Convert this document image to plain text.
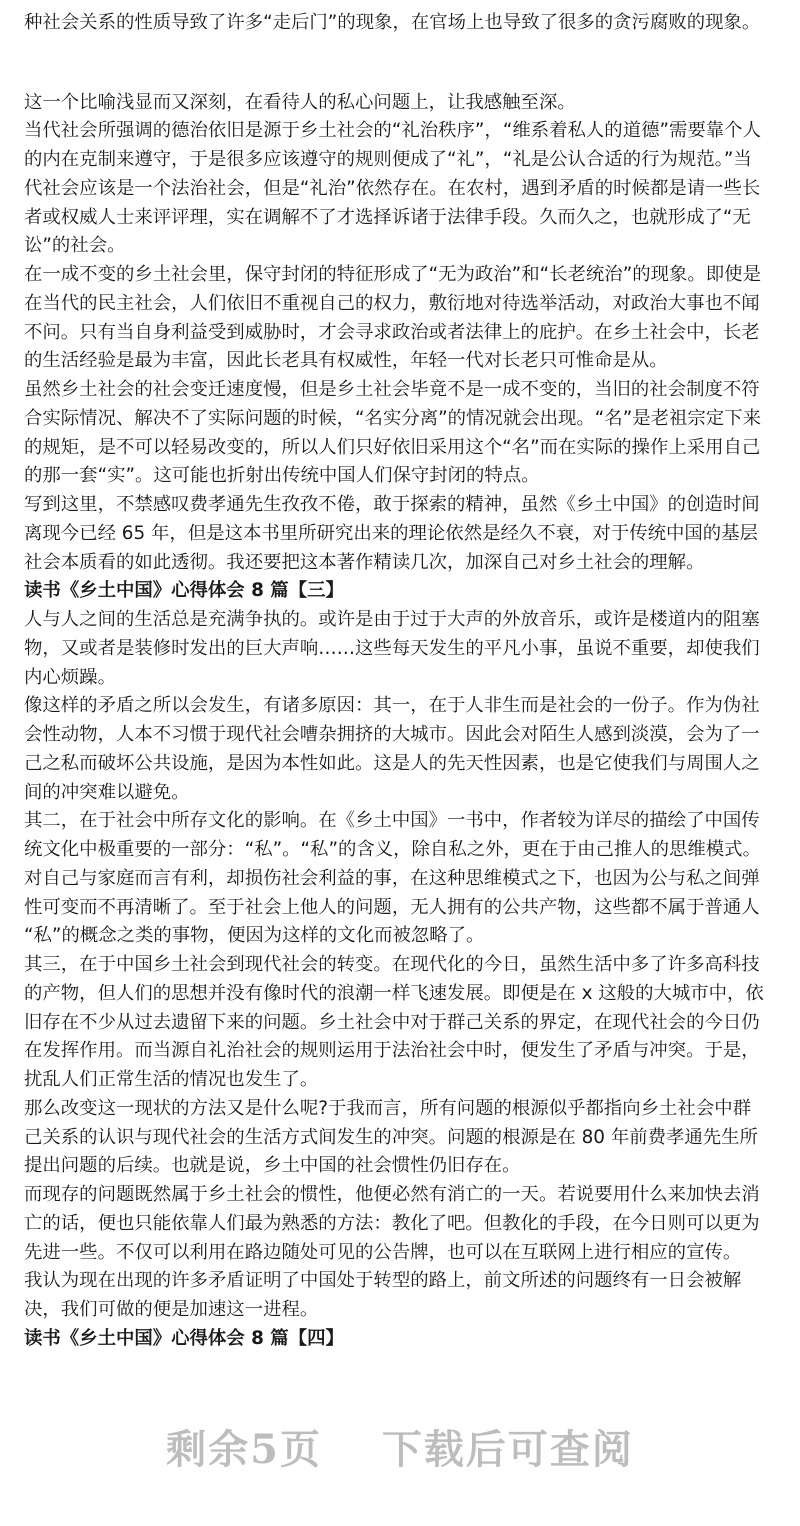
种社会关系的性质导致了许多“走后门”的现象，在官场上也导致了很多的贪污腐败的现象。
这一个比喻浅显而又深刻，在看待人的私心问题上，让我感触至深。
当代社会所强调的德治依旧是源于乡土社会的“礼治秩序”，“维系着私人的道德”需要靠个人
的内在克制来遵守，于是很多应该遵守的规则便成了“礼”，“礼是公认合适的行为规范。”当
代社会应该是一个法治社会，但是“礼治”依然存在。在农村，遇到矛盾的时候都是请一些长
者或权威人士来评评理，实在调解不了才选择诉诸于法律手段。久而久之，也就形成了“无
讼”的社会。
在一成不变的乡土社会里，保守封闭的特征形成了“无为政治”和“长老统治”的现象。即使是
在当代的民主社会，人们依旧不重视自己的权力，敷衍地对待选举活动，对政治大事也不闻
不问。只有当自身利益受到威胁时，才会寻求政治或者法律上的庇护。在乡土社会中，长老
的生活经验是最为丰富，因此长老具有权威性，年轻一代对长老只可惟命是从。
虽然乡土社会的社会变迁速度慢，但是乡土社会毕竟不是一成不变的，当旧的社会制度不符
合实际情况、解决不了实际问题的时候，“名实分离”的情况就会出现。“名”是老祖宗定下来
的规矩，是不可以轻易改变的，所以人们只好依旧采用这个“名”而在实际的操作上采用自己
的那一套“实”。这可能也折射出传统中国人们保守封闭的特点。
写到这里，不禁感叹费孝通先生孜孜不倦，敢于探索的精神，虽然《乡土中国》的创造时间
离现今已经 65 年，但是这本书里所研究出来的理论依然是经久不衰，对于传统中国的基层
社会本质看的如此透彻。我还要把这本著作精读几次，加深自己对乡土社会的理解。
读书《乡土中国》心得体会 8 篇【三】
人与人之间的生活总是充满争执的。或许是由于过于大声的外放音乐，或许是楼道内的阻塞
物，又或者是装修时发出的巨大声响……这些每天发生的平凡小事，虽说不重要，却使我们
内心烦躁。
像这样的矛盾之所以会发生，有诸多原因：其一，在于人非生而是社会的一份子。作为伪社
会性动物，人本不习惯于现代社会嘈杂拥挤的大城市。因此会对陌生人感到淡漠，会为了一
己之私而破坏公共设施，是因为本性如此。这是人的先天性因素，也是它使我们与周围人之
间的冲突难以避免。
其二，在于社会中所存文化的影响。在《乡土中国》一书中，作者较为详尽的描绘了中国传
统文化中极重要的一部分：“私”。“私”的含义，除自私之外，更在于由己推人的思维模式。
对自己与家庭而言有利，却损伤社会利益的事，在这种思维模式之下，也因为公与私之间弹
性可变而不再清晰了。至于社会上他人的问题，无人拥有的公共产物，这些都不属于普通人
“私”的概念之类的事物，便因为这样的文化而被忽略了。
其三，在于中国乡土社会到现代社会的转变。在现代化的今日，虽然生活中多了许多高科技
的产物，但人们的思想并没有像时代的浪潮一样飞速发展。即便是在 x 这般的大城市中，依
旧存在不少从过去遗留下来的问题。乡土社会中对于群己关系的界定，在现代社会的今日仍
在发挥作用。而当源自礼治社会的规则运用于法治社会中时，便发生了矛盾与冲突。于是，
扰乱人们正常生活的情况也发生了。
那么改变这一现状的方法又是什么呢?于我而言，所有问题的根源似乎都指向乡土社会中群
己关系的认识与现代社会的生活方式间发生的冲突。问题的根源是在 80 年前费孝通先生所
提出问题的后续。也就是说，乡土中国的社会惯性仍旧存在。
而现存的问题既然属于乡土社会的惯性，他便必然有消亡的一天。若说要用什么来加快去消
亡的话，便也只能依靠人们最为熟悉的方法：教化了吧。但教化的手段，在今日则可以更为
先进一些。不仅可以利用在路边随处可见的公告牌，也可以在互联网上进行相应的宣传。
我认为现在出现的许多矛盾证明了中国处于转型的路上，前文所述的问题终有一日会被解
决，我们可做的便是加速这一进程。
读书《乡土中国》心得体会 8 篇【四】
剩余5页 下载后可查阅
